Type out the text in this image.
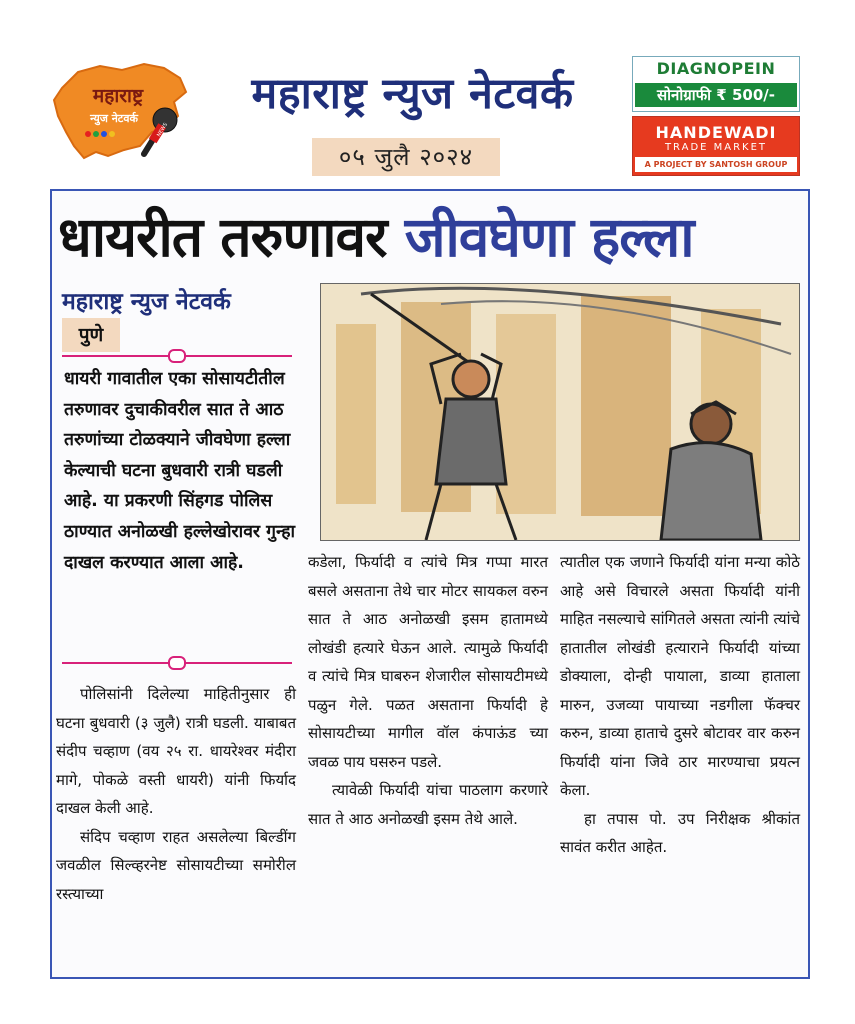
महाराष्ट्र
न्युज नेटवर्क
NEWS
महाराष्ट्र न्युज नेटवर्क
०५ जुलै २०२४
DIAGNOPEIN
सोनोग्राफी ₹ 500/-
HANDEWADI
TRADE MARKET
A PROJECT BY SANTOSH GROUP
धायरीत तरुणावर जीवघेणा हल्ला
महाराष्ट्र न्युज नेटवर्क
पुणे
धायरी गावातील एका सोसायटीतील तरुणावर दुचाकीवरील सात ते आठ तरुणांच्या टोळक्याने जीवघेणा हल्ला केल्याची घटना बुधवारी रात्री घडली आहे. या प्रकरणी सिंहगड पोलिस ठाण्यात अनोळखी हल्लेखोरावर गुन्हा दाखल करण्यात आला आहे.

पोलिसांनी दिलेल्या माहितीनुसार ही घटना बुधवारी (३ जुलै) रात्री घडली. याबाबत संदीप चव्हाण (वय २५ रा. धायरेश्वर मंदीरा मागे, पोकळे वस्ती धायरी) यांनी फिर्याद दाखल केली आहे.

संदिप चव्हाण राहत असलेल्या बिल्डींग जवळील सिल्व्हरनेष्ट सोसायटीच्या समोरील रस्त्याच्या

कडेला, फिर्यादी व त्यांचे मित्र गप्पा मारत बसले असताना तेथे चार मोटर सायकल वरुन सात ते आठ अनोळखी इसम हातामध्ये लोखंडी हत्यारे घेऊन आले. त्यामुळे फिर्यादी व त्यांचे मित्र घाबरुन शेजारील सोसायटीमध्ये पळुन गेले. पळत असताना फिर्यादी हे सोसायटीच्या मागील वॉल कंपाऊंड च्या जवळ पाय घसरुन पडले.

त्यावेळी फिर्यादी यांचा पाठलाग करणारे सात ते आठ अनोळखी इसम तेथे आले.

त्यातील एक जणाने फिर्यादी यांना मन्या कोठे आहे असे विचारले असता फिर्यादी यांनी माहित नसल्याचे सांगितले असता त्यांनी त्यांचे हातातील लोखंडी हत्याराने फिर्यादी यांच्या डोक्याला, दोन्ही पायाला, डाव्या हाताला मारुन, उजव्या पायाच्या नडगीला फॅक्चर करुन, डाव्या हाताचे दुसरे बोटावर वार करुन फिर्यादी यांना जिवे ठार मारण्याचा प्रयत्न केला.

हा तपास पो. उप निरीक्षक श्रीकांत सावंत करीत आहेत.
